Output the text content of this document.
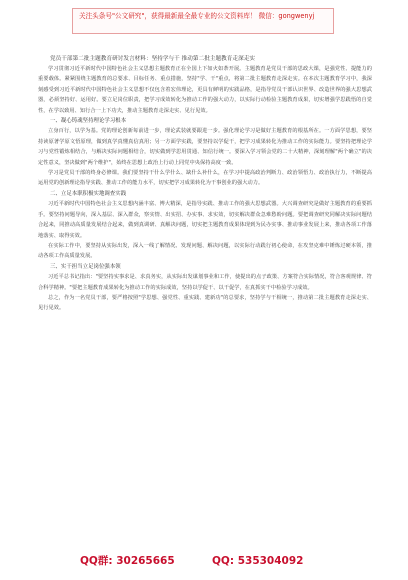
关注头条号"公文研究"，获得最新最全最专业的公文资料库！ 微信：gongwenyj

党员干部第二批主题教育研讨发言材料：坚持学与干 推动第二批主题教育走深走实

学习贯彻习近平新时代中国特色社会主义思想主题教育正在全国上下如火如荼开展。主题教育是党员干部的思政大课，是强党性、提能力的重要载体。紧紧围绕主题教育的总要求、目标任务、重点措施，坚持"学、干"重点，将第二批主题教育走深走实。在本次主题教育学习中，我深刻感受到习近平新时代中国特色社会主义思想不仅包含着宏伟理论，更具有鲜明的实践品格，是指导党员干部认识世界、改造世界的强大思想武器，必须坚持好、运用好。要立足岗位职责，把学习成效转化为推动工作的强大动力，以实际行动检验主题教育成果，切实增强学思践悟的自觉性，在学以致用、知行合一上下功夫，推动主题教育走深走实、见行见效。

一、凝心铸魂坚持理论学习根本

立身百行，以学为基。党的理论创新每前进一步，理论武装就要跟进一步。强化理论学习是做好主题教育的根基所在。一方面学思想，要坚持读原著学原文悟原理，做到真学真懂真信真用；另一方面学实践，要坚持以学促干，把学习成果转化为推动工作的实际能力。要坚持把理论学习与党性锻炼相结合，与解决实际问题相结合，切实做到学思用贯通、知信行统一。要深入学习领会党的二十大精神，深刻理解"两个确立"的决定性意义，坚决做到"两个维护"，始终在思想上政治上行动上同党中央保持高度一致。

学习是党员干部的终身必修课。我们要坚持干什么学什么、缺什么补什么，在学习中提高政治判断力、政治领悟力、政治执行力，不断提高运用党的创新理论指导实践、推动工作的能力水平，切实把学习成果转化为干事创业的强大动力。

二、立足本职积极实地调查实践

习近平新时代中国特色社会主义思想内涵丰富、博大精深，是指导实践、推动工作的强大思想武器。大兴调查研究是做好主题教育的重要抓手。要坚持问题导向，深入基层、深入群众，察实情、出实招、办实事、求实效，切实解决群众急难愁盼问题。要把调查研究同解决实际问题结合起来，同推动高质量发展结合起来，做到真调研、真解决问题，切实把主题教育成果体现到为民办实事、推动事业发展上来，推动各项工作落地落实、取得实效。

在实际工作中，要坚持从实际出发，深入一线了解情况、发现问题、解决问题，以实际行动践行初心使命，在攻坚克难中锤炼过硬本领，推动各项工作高质量发展。

三、实干担当立足岗位强本领

习近平总书记指出："要坚持实事求是、求真务实，从实际出发谋划事业和工作，使提出的点子政策、方案符合实际情况，符合客观规律、符合科学精神。"要把主题教育成果转化为推动工作的实际成效，坚持以学促干、以干促学，在真抓实干中检验学习成效。

总之，作为一名党员干部，要严格按照"学思想、强党性、重实践、建新功"的总要求，坚持学与干相统一，推动第二批主题教育走深走实、见行见效。

QQ群: 30265665	QQ: 535304092
